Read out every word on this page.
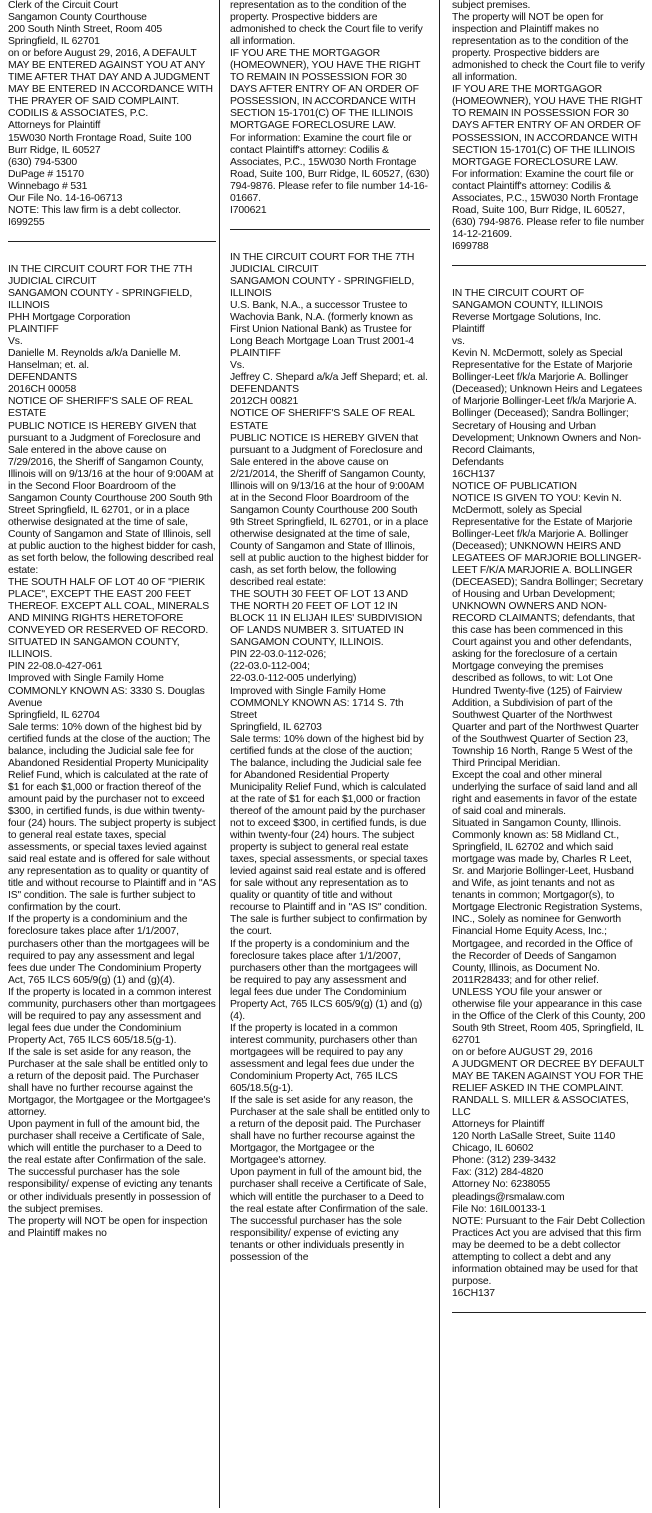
Clerk of the Circuit Court
Sangamon County Courthouse
200 South Ninth Street, Room 405
Springfield, IL 62701
on or before August 29, 2016, A DEFAULT MAY BE ENTERED AGAINST YOU AT ANY TIME AFTER THAT DAY AND A JUDGMENT MAY BE ENTERED IN ACCORDANCE WITH THE PRAYER OF SAID COMPLAINT.
CODILIS & ASSOCIATES, P.C.
Attorneys for Plaintiff
15W030 North Frontage Road, Suite 100
Burr Ridge, IL 60527
(630) 794-5300
DuPage # 15170
Winnebago # 531
Our File No. 14-16-06713
NOTE: This law firm is a debt collector.
I699255

IN THE CIRCUIT COURT FOR THE 7TH JUDICIAL CIRCUIT
SANGAMON COUNTY - SPRINGFIELD, ILLINOIS
PHH Mortgage Corporation
PLAINTIFF
Vs.
Danielle M. Reynolds a/k/a Danielle M. Hanselman; et. al.
DEFENDANTS
2016CH 00058
NOTICE OF SHERIFF'S SALE OF REAL ESTATE
PUBLIC NOTICE IS HEREBY GIVEN that pursuant to a Judgment of Foreclosure and Sale entered in the above cause on 7/29/2016, the Sheriff of Sangamon County, Illinois will on 9/13/16 at the hour of 9:00AM at in the Second Floor Boardroom of the Sangamon County Courthouse 200 South 9th Street Springfield, IL 62701, or in a place otherwise designated at the time of sale, County of Sangamon and State of Illinois, sell at public auction to the highest bidder for cash, as set forth below, the following described real estate:
THE SOUTH HALF OF LOT 40 OF "PIERIK PLACE", EXCEPT THE EAST 200 FEET THEREOF. EXCEPT ALL COAL, MINERALS AND MINING RIGHTS HERETOFORE CONVEYED OR RESERVED OF RECORD. SITUATED IN SANGAMON COUNTY, ILLINOIS.
PIN 22-08.0-427-061
Improved with Single Family Home
COMMONLY KNOWN AS: 3330 S. Douglas Avenue
Springfield, IL 62704
Sale terms: 10% down of the highest bid by certified funds at the close of the auction; The balance, including the Judicial sale fee for Abandoned Residential Property Municipality Relief Fund, which is calculated at the rate of $1 for each $1,000 or fraction thereof of the amount paid by the purchaser not to exceed $300, in certified funds, is due within twenty-four (24) hours. The subject property is subject to general real estate taxes, special assessments, or special taxes levied against said real estate and is offered for sale without any representation as to quality or quantity of title and without recourse to Plaintiff and in "AS IS" condition. The sale is further subject to confirmation by the court.
If the property is a condominium and the foreclosure takes place after 1/1/2007, purchasers other than the mortgagees will be required to pay any assessment and legal fees due under The Condominium Property Act, 765 ILCS 605/9(g) (1) and (g)(4).
If the property is located in a common interest community, purchasers other than mortgagees will be required to pay any assessment and legal fees due under the Condominium Property Act, 765 ILCS 605/18.5(g-1).
If the sale is set aside for any reason, the Purchaser at the sale shall be entitled only to a return of the deposit paid. The Purchaser shall have no further recourse against the Mortgagor, the Mortgagee or the Mortgagee's attorney.
Upon payment in full of the amount bid, the purchaser shall receive a Certificate of Sale, which will entitle the purchaser to a Deed to the real estate after Confirmation of the sale. The successful purchaser has the sole responsibility/ expense of evicting any tenants or other individuals presently in possession of the subject premises.
The property will NOT be open for inspection and Plaintiff makes no

representation as to the condition of the property. Prospective bidders are admonished to check the Court file to verify all information.
IF YOU ARE THE MORTGAGOR (HOMEOWNER), YOU HAVE THE RIGHT TO REMAIN IN POSSESSION FOR 30 DAYS AFTER ENTRY OF AN ORDER OF POSSESSION, IN ACCORDANCE WITH SECTION 15-1701(C) OF THE ILLINOIS MORTGAGE FORECLOSURE LAW.
For information: Examine the court file or contact Plaintiff's attorney: Codilis & Associates, P.C., 15W030 North Frontage Road, Suite 100, Burr Ridge, IL 60527, (630) 794-9876. Please refer to file number 14-16-01667.
I700621

IN THE CIRCUIT COURT FOR THE 7TH JUDICIAL CIRCUIT
SANGAMON COUNTY - SPRINGFIELD, ILLINOIS
U.S. Bank, N.A., a successor Trustee to Wachovia Bank, N.A. (formerly known as First Union National Bank) as Trustee for Long Beach Mortgage Loan Trust 2001-4
PLAINTIFF
Vs.
Jeffrey C. Shepard a/k/a Jeff Shepard; et. al.
DEFENDANTS
2012CH 00821
NOTICE OF SHERIFF'S SALE OF REAL ESTATE
PUBLIC NOTICE IS HEREBY GIVEN that pursuant to a Judgment of Foreclosure and Sale entered in the above cause on 2/21/2014, the Sheriff of Sangamon County, Illinois will on 9/13/16 at the hour of 9:00AM at in the Second Floor Boardroom of the Sangamon County Courthouse 200 South 9th Street Springfield, IL 62701, or in a place otherwise designated at the time of sale, County of Sangamon and State of Illinois, sell at public auction to the highest bidder for cash, as set forth below, the following described real estate:
THE SOUTH 30 FEET OF LOT 13 AND THE NORTH 20 FEET OF LOT 12 IN BLOCK 11 IN ELIJAH ILES' SUBDIVISION OF LANDS NUMBER 3. SITUATED IN SANGAMON COUNTY, ILLINOIS.
PIN 22-03.0-112-026;
(22-03.0-112-004;
22-03.0-112-005 underlying)
Improved with Single Family Home
COMMONLY KNOWN AS: 1714 S. 7th Street
Springfield, IL 62703
Sale terms: 10% down of the highest bid by certified funds at the close of the auction; The balance, including the Judicial sale fee for Abandoned Residential Property Municipality Relief Fund, which is calculated at the rate of $1 for each $1,000 or fraction thereof of the amount paid by the purchaser not to exceed $300, in certified funds, is due within twenty-four (24) hours. The subject property is subject to general real estate taxes, special assessments, or special taxes levied against said real estate and is offered for sale without any representation as to quality or quantity of title and without recourse to Plaintiff and in "AS IS" condition. The sale is further subject to confirmation by the court.
If the property is a condominium and the foreclosure takes place after 1/1/2007, purchasers other than the mortgagees will be required to pay any assessment and legal fees due under The Condominium Property Act, 765 ILCS 605/9(g) (1) and (g)(4).
If the property is located in a common interest community, purchasers other than mortgagees will be required to pay any assessment and legal fees due under the Condominium Property Act, 765 ILCS 605/18.5(g-1).
If the sale is set aside for any reason, the Purchaser at the sale shall be entitled only to a return of the deposit paid. The Purchaser shall have no further recourse against the Mortgagor, the Mortgagee or the Mortgagee's attorney.
Upon payment in full of the amount bid, the purchaser shall receive a Certificate of Sale, which will entitle the purchaser to a Deed to the real estate after Confirmation of the sale. The successful purchaser has the sole responsibility/ expense of evicting any tenants or other individuals presently in possession of the

subject premises.
The property will NOT be open for inspection and Plaintiff makes no representation as to the condition of the property. Prospective bidders are admonished to check the Court file to verify all information.
IF YOU ARE THE MORTGAGOR (HOMEOWNER), YOU HAVE THE RIGHT TO REMAIN IN POSSESSION FOR 30 DAYS AFTER ENTRY OF AN ORDER OF POSSESSION, IN ACCORDANCE WITH SECTION 15-1701(C) OF THE ILLINOIS MORTGAGE FORECLOSURE LAW.
For information: Examine the court file or contact Plaintiff's attorney: Codilis & Associates, P.C., 15W030 North Frontage Road, Suite 100, Burr Ridge, IL 60527, (630) 794-9876. Please refer to file number 14-12-21609.
I699788

IN THE CIRCUIT COURT OF SANGAMON COUNTY, ILLINOIS
Reverse Mortgage Solutions, Inc.
Plaintiff
vs.
Kevin N. McDermott, solely as Special Representative for the Estate of Marjorie Bollinger-Leet f/k/a Marjorie A. Bollinger (Deceased); Unknown Heirs and Legatees of Marjorie Bollinger-Leet f/k/a Marjorie A. Bollinger (Deceased); Sandra Bollinger; Secretary of Housing and Urban Development; Unknown Owners and Non-Record Claimants,
Defendants
16CH137
NOTICE OF PUBLICATION
NOTICE IS GIVEN TO YOU: Kevin N. McDermott, solely as Special Representative for the Estate of Marjorie Bollinger-Leet f/k/a Marjorie A. Bollinger (Deceased); UNKNOWN HEIRS AND LEGATEES OF MARJORIE BOLLINGER-LEET F/K/A MARJORIE A. BOLLINGER (DECEASED); Sandra Bollinger; Secretary of Housing and Urban Development; UNKNOWN OWNERS AND NON-RECORD CLAIMANTS; defendants, that this case has been commenced in this Court against you and other defendants, asking for the foreclosure of a certain Mortgage conveying the premises described as follows, to wit: Lot One Hundred Twenty-five (125) of Fairview Addition, a Subdivision of part of the Southwest Quarter of the Northwest Quarter and part of the Northwest Quarter of the Southwest Quarter of Section 23, Township 16 North, Range 5 West of the Third Principal Meridian.
Except the coal and other mineral underlying the surface of said land and all right and easements in favor of the estate of said coal and minerals.
Situated in Sangamon County, Illinois.
Commonly known as: 58 Midland Ct., Springfield, IL 62702 and which said mortgage was made by, Charles R Leet, Sr. and Marjorie Bollinger-Leet, Husband and Wife, as joint tenants and not as tenants in common; Mortgagor(s), to Mortgage Electronic Registration Systems, INC., Solely as nominee for Genworth Financial Home Equity Acess, Inc.; Mortgagee, and recorded in the Office of the Recorder of Deeds of Sangamon County, Illinois, as Document No. 2011R28433; and for other relief.
UNLESS YOU file your answer or otherwise file your appearance in this case in the Office of the Clerk of this County, 200 South 9th Street, Room 405, Springfield, IL 62701
on or before AUGUST 29, 2016
A JUDGMENT OR DECREE BY DEFAULT MAY BE TAKEN AGAINST YOU FOR THE RELIEF ASKED IN THE COMPLAINT.
RANDALL S. MILLER & ASSOCIATES, LLC
Attorneys for Plaintiff
120 North LaSalle Street, Suite 1140
Chicago, IL 60602
Phone: (312) 239-3432
Fax: (312) 284-4820
Attorney No: 6238055
pleadings@rsmalaw.com
File No: 16IL00133-1
NOTE: Pursuant to the Fair Debt Collection Practices Act you are advised that this firm may be deemed to be a debt collector attempting to collect a debt and any information obtained may be used for that purpose.
16CH137
